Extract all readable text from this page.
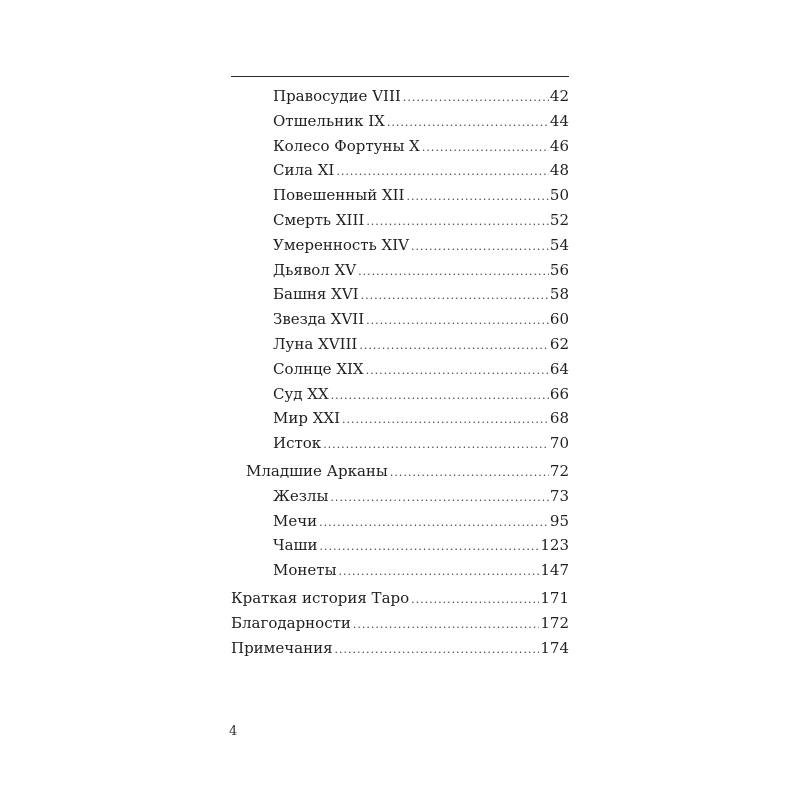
Правосудие VIII .....	42
Отшельник IX .....	44
Колесо Фортуны X .....	46
Сила XI .....	48
Повешенный XII .....	50
Смерть XIII .....	52
Умеренность XIV .....	54
Дьявол XV .....	56
Башня XVI .....	58
Звезда XVII .....	60
Луна XVIII .....	62
Солнце XIX .....	64
Суд XX .....	66
Мир XXI .....	68
Исток .....	70
Младшие Арканы .....	72
Жезлы .....	73
Мечи .....	95
Чаши .....	123
Монеты .....	147
Краткая история Таро .....	171
Благодарности .....	172
Примечания .....	174
4
